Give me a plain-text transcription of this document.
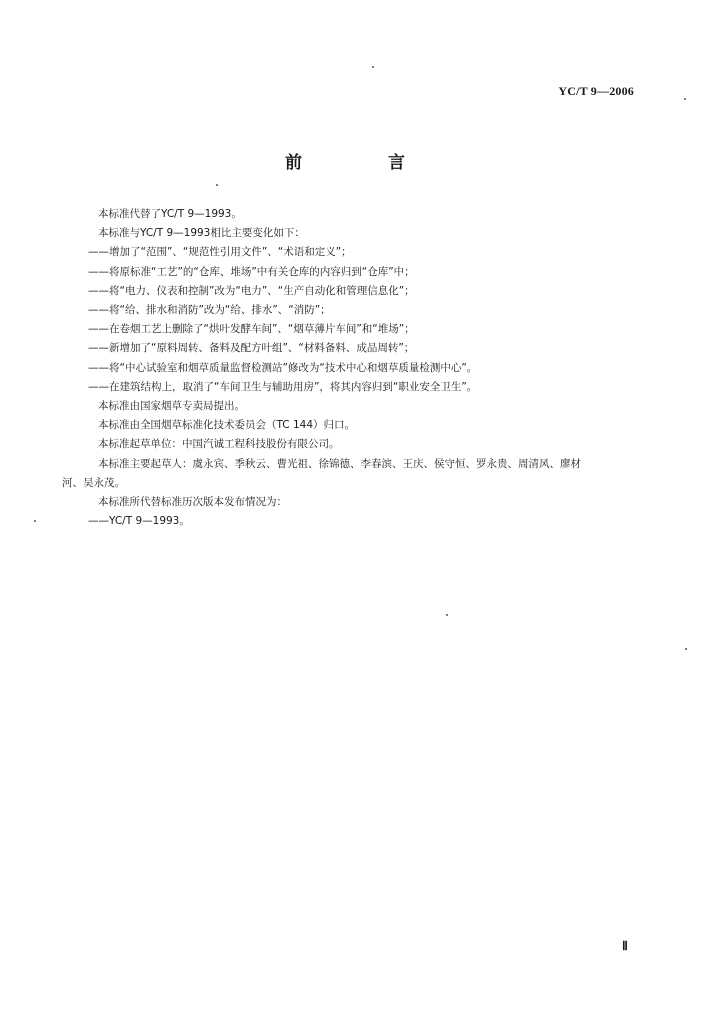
YC/T 9—2006
前 言

本标准代替了YC/T 9—1993。

本标准与YC/T 9—1993相比主要变化如下：

——增加了“范围”、“规范性引用文件”、“术语和定义”；

——将原标准“工艺”的“仓库、堆场”中有关仓库的内容归到“仓库”中；

——将“电力、仪表和控制”改为“电力”、“生产自动化和管理信息化”；

——将“给、排水和消防”改为“给、排水”、“消防”；

——在卷烟工艺上删除了“烘叶发酵车间”、“烟草薄片车间”和“堆场”；

——新增加了“原料周转、备料及配方叶组”、“材料备料、成品周转”；

——将“中心试验室和烟草质量监督检测站”修改为“技术中心和烟草质量检测中心”。

——在建筑结构上，取消了“车间卫生与辅助用房”，将其内容归到“职业安全卫生”。

本标准由国家烟草专卖局提出。

本标准由全国烟草标准化技术委员会（TC 144）归口。

本标准起草单位：中国汽诚工程科技股份有限公司。

本标准主要起草人：虞永宾、季秋云、曹光祖、徐锦德、李春滨、王庆、侯守恒、罗永贵、周清风、廖材

河、吴永茂。

本标准所代替标准历次版本发布情况为：

——YC/T 9—1993。

Ⅱ
